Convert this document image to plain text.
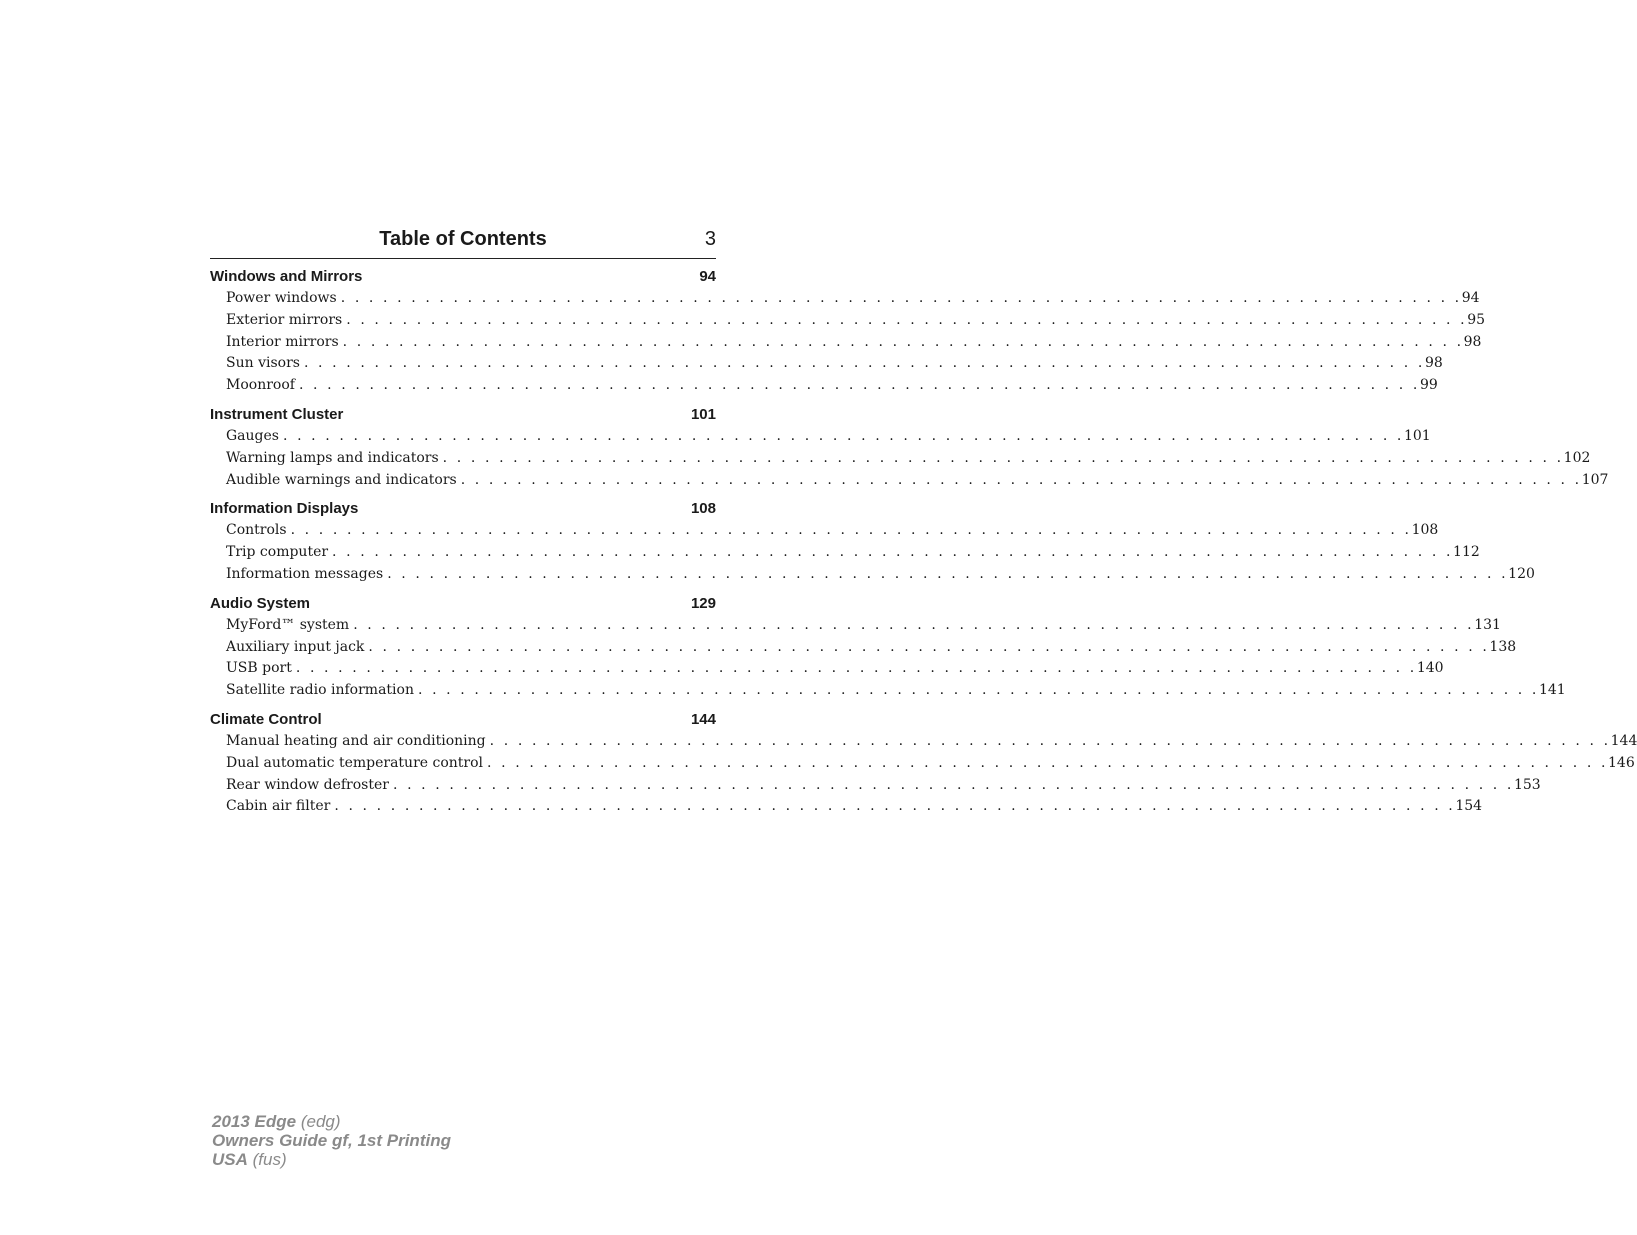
Table of Contents	3
Windows and Mirrors	94
Power windows . . . . . . . . . . . . . . . . . . . . . . . . . . . . . . . . . . . . . . . . . . . . . . . . . . . . . . . . . . . . . . . . . . . . . . . . . . . . . . . . 94
Exterior mirrors . . . . . . . . . . . . . . . . . . . . . . . . . . . . . . . . . . . . . . . . . . . . . . . . . . . . . . . . . . . . . . . . . . . . . . . . . . . . . . . . 95
Interior mirrors . . . . . . . . . . . . . . . . . . . . . . . . . . . . . . . . . . . . . . . . . . . . . . . . . . . . . . . . . . . . . . . . . . . . . . . . . . . . . . . . 98
Sun visors . . . . . . . . . . . . . . . . . . . . . . . . . . . . . . . . . . . . . . . . . . . . . . . . . . . . . . . . . . . . . . . . . . . . . . . . . . . . . . . . 98
Moonroof . . . . . . . . . . . . . . . . . . . . . . . . . . . . . . . . . . . . . . . . . . . . . . . . . . . . . . . . . . . . . . . . . . . . . . . . . . . . . . . . 99
Instrument Cluster	101
Gauges . . . . . . . . . . . . . . . . . . . . . . . . . . . . . . . . . . . . . . . . . . . . . . . . . . . . . . . . . . . . . . . . . . . . . . . . . . . . . . . . 101
Warning lamps and indicators . . . . . . . . . . . . . . . . . . . . . . . . . . . . . . . . . . . . . . . . . . . . . . . . . . . . . . . . . . . . . . . . . . . . . . . . . . . . . . . . 102
Audible warnings and indicators . . . . . . . . . . . . . . . . . . . . . . . . . . . . . . . . . . . . . . . . . . . . . . . . . . . . . . . . . . . . . . . . . . . . . . . . . . . . . . . . 107
Information Displays	108
Controls . . . . . . . . . . . . . . . . . . . . . . . . . . . . . . . . . . . . . . . . . . . . . . . . . . . . . . . . . . . . . . . . . . . . . . . . . . . . . . . . 108
Trip computer . . . . . . . . . . . . . . . . . . . . . . . . . . . . . . . . . . . . . . . . . . . . . . . . . . . . . . . . . . . . . . . . . . . . . . . . . . . . . . . . 112
Information messages . . . . . . . . . . . . . . . . . . . . . . . . . . . . . . . . . . . . . . . . . . . . . . . . . . . . . . . . . . . . . . . . . . . . . . . . . . . . . . . . 120
Audio System	129
MyFord™ system . . . . . . . . . . . . . . . . . . . . . . . . . . . . . . . . . . . . . . . . . . . . . . . . . . . . . . . . . . . . . . . . . . . . . . . . . . . . . . . . 131
Auxiliary input jack . . . . . . . . . . . . . . . . . . . . . . . . . . . . . . . . . . . . . . . . . . . . . . . . . . . . . . . . . . . . . . . . . . . . . . . . . . . . . . . . 138
USB port . . . . . . . . . . . . . . . . . . . . . . . . . . . . . . . . . . . . . . . . . . . . . . . . . . . . . . . . . . . . . . . . . . . . . . . . . . . . . . . . 140
Satellite radio information . . . . . . . . . . . . . . . . . . . . . . . . . . . . . . . . . . . . . . . . . . . . . . . . . . . . . . . . . . . . . . . . . . . . . . . . . . . . . . . . 141
Climate Control	144
Manual heating and air conditioning . . . . . . . . . . . . . . . . . . . . . . . . . . . . . . . . . . . . . . . . . . . . . . . . . . . . . . . . . . . . . . . . . . . . . . . . . . . . . . . . 144
Dual automatic temperature control . . . . . . . . . . . . . . . . . . . . . . . . . . . . . . . . . . . . . . . . . . . . . . . . . . . . . . . . . . . . . . . . . . . . . . . . . . . . . . . . 146
Rear window defroster . . . . . . . . . . . . . . . . . . . . . . . . . . . . . . . . . . . . . . . . . . . . . . . . . . . . . . . . . . . . . . . . . . . . . . . . . . . . . . . . 153
Cabin air filter . . . . . . . . . . . . . . . . . . . . . . . . . . . . . . . . . . . . . . . . . . . . . . . . . . . . . . . . . . . . . . . . . . . . . . . . . . . . . . . . 154
2013 Edge (edg)
Owners Guide gf, 1st Printing
USA (fus)
